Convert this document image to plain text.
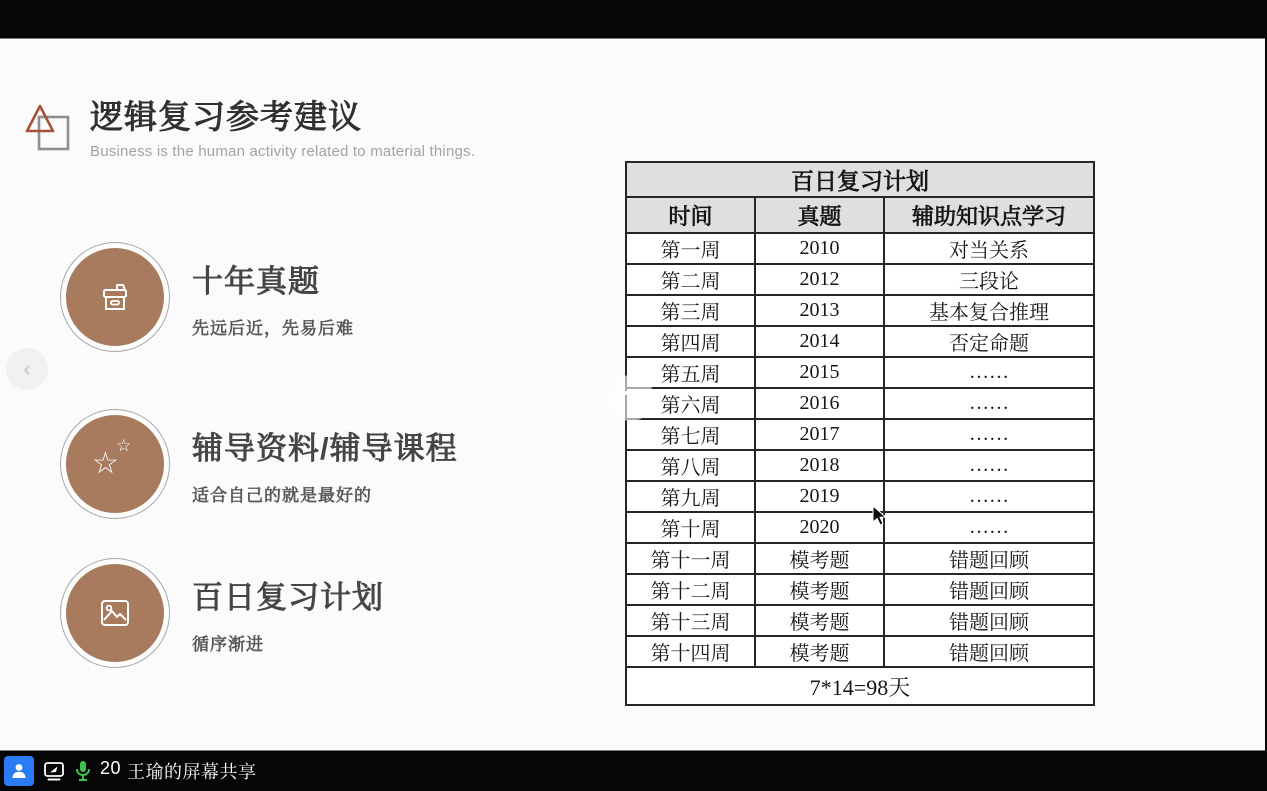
逻辑复习参考建议
Business is the human activity related to material things.
十年真题
先远后近，先易后难
☆
☆ 辅导资料/辅导课程
适合自己的就是最好的
百日复习计划
循序渐进
百日复习计划		
时间	真题	辅助知识点学习
第一周	2010	对当关系
第二周	2012	三段论
第三周	2013	基本复合推理
第四周	2014	否定命题
第五周	2015	……
第六周	2016	……
第七周	2017	……
第八周	2018	……
第九周	2019	……
第十周	2020	……
第十一周	模考题	错题回顾
第十二周	模考题	错题回顾
第十三周	模考题	错题回顾
第十四周	模考题	错题回顾
7*14=98天		
‹
20 王瑜的屏幕共享
